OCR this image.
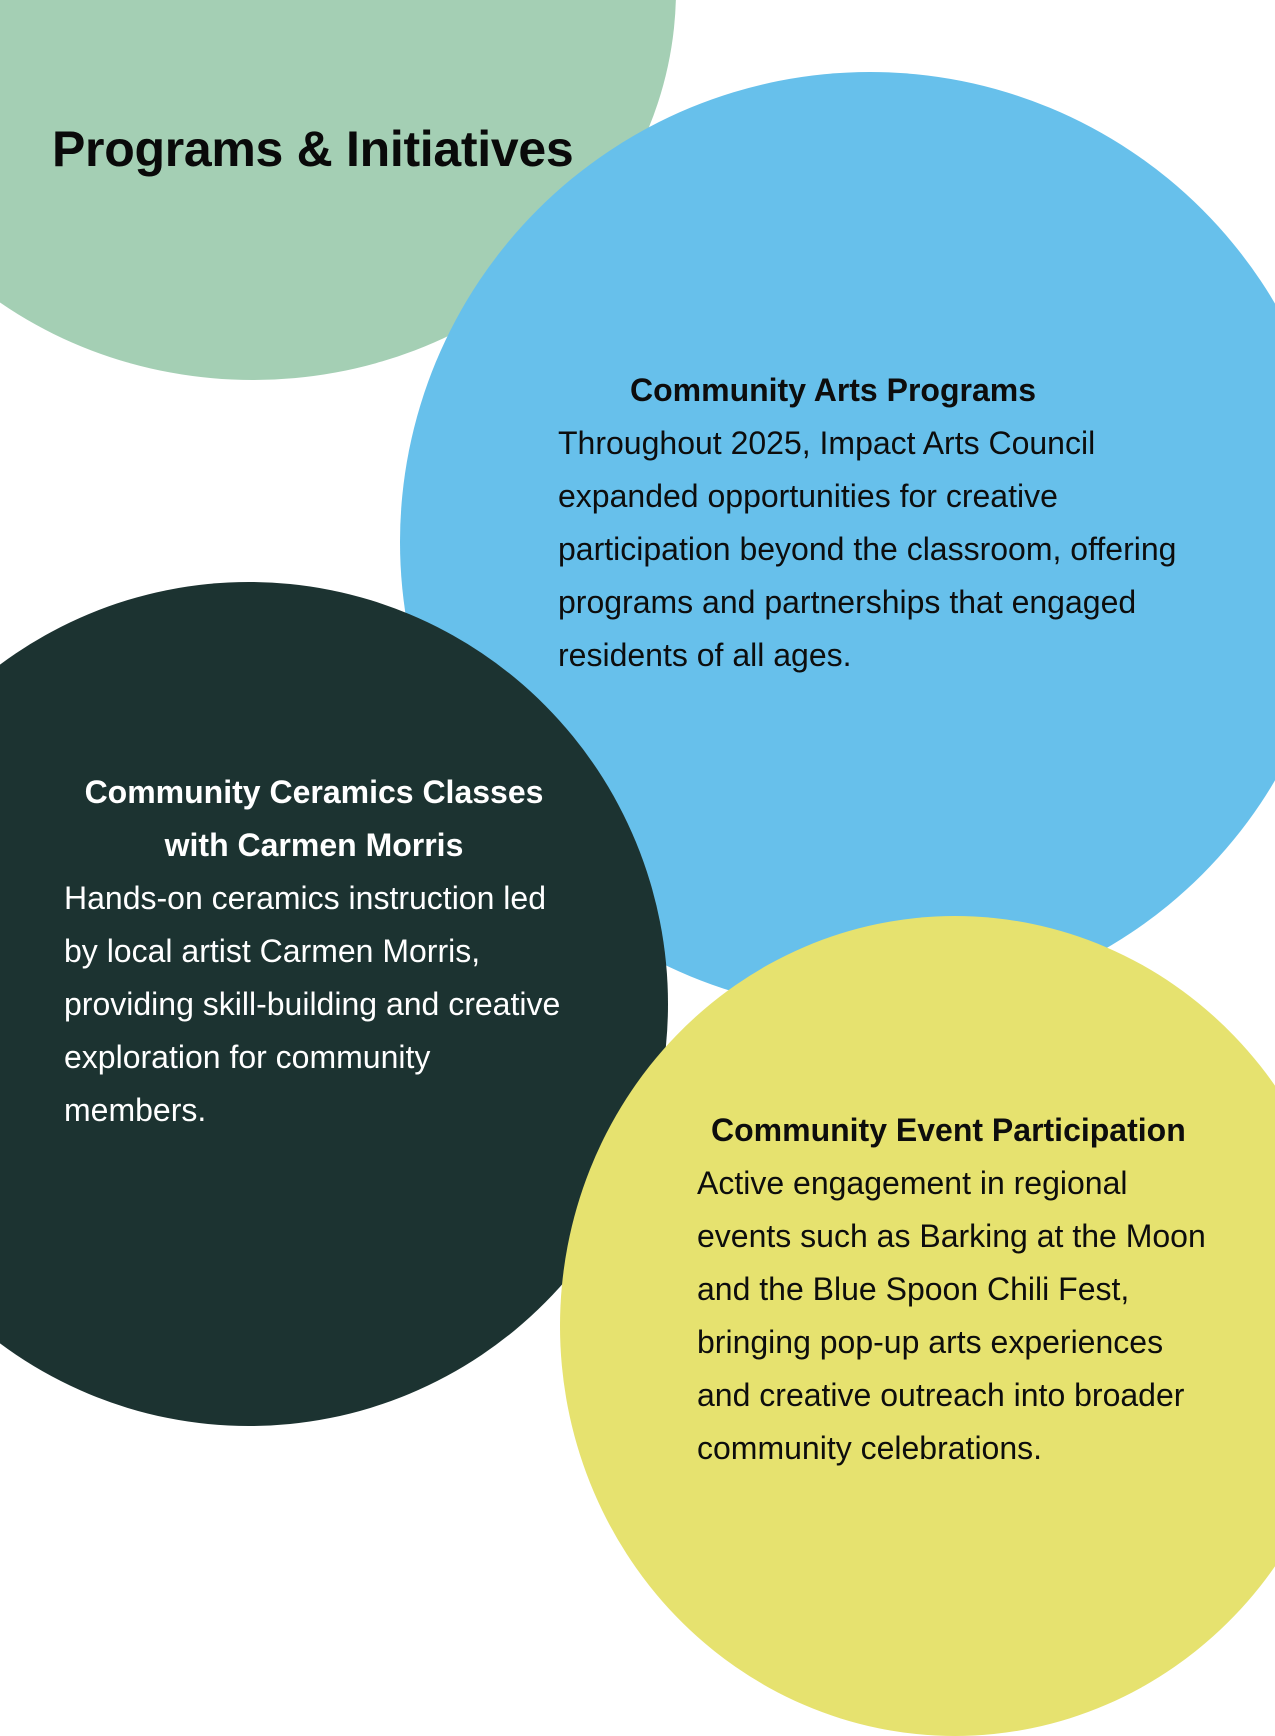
Programs & Initiatives
Community Arts Programs

Throughout 2025, Impact Arts Council expanded opportunities for creative participation beyond the classroom, offering programs and partnerships that engaged residents of all ages.

Community Ceramics Classes with Carmen Morris

Hands-on ceramics instruction led by local artist Carmen Morris, providing skill-building and creative exploration for community members.

Community Event Participation

Active engagement in regional events such as Barking at the Moon and the Blue Spoon Chili Fest, bringing pop-up arts experiences and creative outreach into broader community celebrations.
